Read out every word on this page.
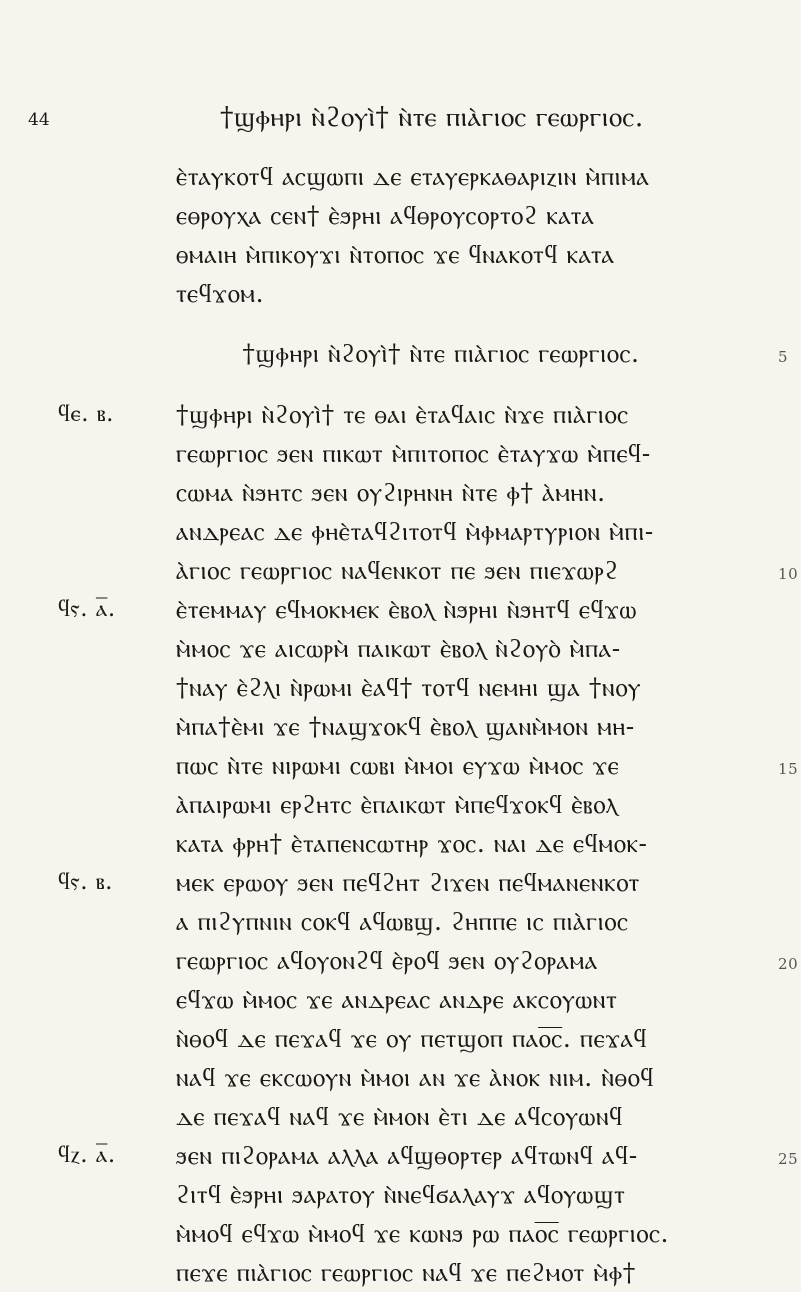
44	†ϣⲫⲏⲣⲓ ⲛ̀ϩⲟⲩⲓ̀† ⲛ̀ⲧⲉ ⲡⲓⲁ̀ⲅⲓⲟⲥ ⲅⲉⲱⲣⲅⲓⲟⲥ.
ⲉ̀ⲧⲁⲩⲕⲟⲧϥ ⲁⲥϣⲱⲡⲓ ⲇⲉ ⲉⲧⲁⲩⲉⲣⲕⲁⲑⲁⲣⲓⲍⲓⲛ ⲙ̀ⲡⲓⲙⲁ
ⲉⲑⲣⲟⲩⲭⲁ ⲥⲉⲛ† ⲉ̀ϧⲣⲏⲓ ⲁϥⲑⲣⲟⲩⲥⲟⲣⲧⲟϩ ⲕⲁⲧⲁ
ⲑⲙⲁⲓⲏ ⲙ̀ⲡⲓⲕⲟⲩϫⲓ ⲛ̀ⲧⲟⲡⲟⲥ ϫⲉ ϥⲛⲁⲕⲟⲧϥ ⲕⲁⲧⲁ
ⲧⲉϥϫⲟⲙ.
†ϣⲫⲏⲣⲓ ⲛ̀ϩⲟⲩⲓ̀† ⲛ̀ⲧⲉ ⲡⲓⲁ̀ⲅⲓⲟⲥ ⲅⲉⲱⲣⲅⲓⲟⲥ.	5
ϥⲉ. ⲃ. †ϣⲫⲏⲣⲓ ⲛ̀ϩⲟⲩⲓ̀† ⲧⲉ ⲑⲁⲓ ⲉ̀ⲧⲁϥⲁⲓⲥ ⲛ̀ϫⲉ ⲡⲓⲁ̀ⲅⲓⲟⲥ
ⲅⲉⲱⲣⲅⲓⲟⲥ ϧⲉⲛ ⲡⲓⲕⲱⲧ ⲙ̀ⲡⲓⲧⲟⲡⲟⲥ ⲉ̀ⲧⲁⲩϫⲱ ⲙ̀ⲡⲉϥ-
ⲥⲱⲙⲁ ⲛ̀ϧⲏⲧⲥ ϧⲉⲛ ⲟⲩϩⲓⲣⲏⲛⲏ ⲛ̀ⲧⲉ ⲫ† ⲁ̀ⲙⲏⲛ.
ⲁⲛⲇⲣⲉⲁⲥ ⲇⲉ ⲫⲏⲉ̀ⲧⲁϥϩⲓⲧⲟⲧϥ ⲙ̀ⲫⲙⲁⲣⲧⲩⲣⲓⲟⲛ ⲙ̀ⲡⲓ-
ⲁ̀ⲅⲓⲟⲥ ⲅⲉⲱⲣⲅⲓⲟⲥ ⲛⲁϥⲉⲛⲕⲟⲧ ⲡⲉ ϧⲉⲛ ⲡⲓⲉϫⲱⲣϩ	10
ϥⲋ. ⲁ̅. ⲉ̀ⲧⲉⲙⲙⲁⲩ ⲉϥⲙⲟⲕⲙⲉⲕ ⲉ̀ⲃⲟⲗ ⲛ̀ϧⲣⲏⲓ ⲛ̀ϧⲏⲧϥ ⲉϥϫⲱ
ⲙ̀ⲙⲟⲥ ϫⲉ ⲁⲓⲥⲱⲣⲙ̀ ⲡⲁⲓⲕⲱⲧ ⲉ̀ⲃⲟⲗ ⲛ̀ϩⲟⲩⲟ̀ ⲙ̀ⲡⲁ-
†ⲛⲁⲩ ⲉ̀ϩⲗⲓ ⲛ̀ⲣⲱⲙⲓ ⲉ̀ⲁϥ† ⲧⲟⲧϥ ⲛⲉⲙⲏⲓ ϣⲁ †ⲛⲟⲩ
ⲙ̀ⲡⲁ†ⲉ̀ⲙⲓ ϫⲉ †ⲛⲁϣϫⲟⲕϥ ⲉ̀ⲃⲟⲗ ϣⲁⲛⲙ̀ⲙⲟⲛ ⲙⲏ-
ⲡⲱⲥ ⲛ̀ⲧⲉ ⲛⲓⲣⲱⲙⲓ ⲥⲱⲃⲓ ⲙ̀ⲙⲟⲓ ⲉⲩϫⲱ ⲙ̀ⲙⲟⲥ ϫⲉ	15
ⲁ̀ⲡⲁⲓⲣⲱⲙⲓ ⲉⲣϩⲏⲧⲥ ⲉ̀ⲡⲁⲓⲕⲱⲧ ⲙ̀ⲡⲉϥϫⲟⲕϥ ⲉ̀ⲃⲟⲗ
ⲕⲁⲧⲁ ⲫⲣⲏ† ⲉ̀ⲧⲁⲡⲉⲛⲥⲱⲧⲏⲣ ϫⲟⲥ. ⲛⲁⲓ ⲇⲉ ⲉϥⲙⲟⲕ-
ϥⲋ. ⲃ.	ⲙⲉⲕ ⲉⲣⲱⲟⲩ ϧⲉⲛ ⲡⲉϥϩⲏⲧ ϩⲓϫⲉⲛ ⲡⲉϥⲙⲁⲛⲉⲛⲕⲟⲧ
ⲁ ⲡⲓϩⲩⲡⲛⲓⲛ ⲥⲟⲕϥ ⲁϥⲱⲃϣ. ϩⲏⲡⲡⲉ ⲓⲥ ⲡⲓⲁ̀ⲅⲓⲟⲥ
ⲅⲉⲱⲣⲅⲓⲟⲥ ⲁϥⲟⲩⲟⲛϩϥ ⲉ̀ⲣⲟϥ ϧⲉⲛ ⲟⲩϩⲟⲣⲁⲙⲁ	20
ⲉϥϫⲱ ⲙ̀ⲙⲟⲥ ϫⲉ ⲁⲛⲇⲣⲉⲁⲥ ⲁⲛⲇⲣⲉ ⲁⲕⲥⲟⲩⲱⲛⲧ
ⲛ̀ⲑⲟϥ ⲇⲉ ⲡⲉϫⲁϥ ϫⲉ ⲟⲩ ⲡⲉⲧϣⲟⲡ ⲡⲁⲟ̅ⲥ̅. ⲡⲉϫⲁϥ
ⲛⲁϥ ϫⲉ ⲉⲕⲥⲱⲟⲩⲛ ⲙ̀ⲙⲟⲓ ⲁⲛ ϫⲉ ⲁ̀ⲛⲟⲕ ⲛⲓⲙ. ⲛ̀ⲑⲟϥ
ⲇⲉ ⲡⲉϫⲁϥ ⲛⲁϥ ϫⲉ ⲙ̀ⲙⲟⲛ ⲉ̀ⲧⲓ ⲇⲉ ⲁϥⲥⲟⲩⲱⲛϥ
ϥⲍ. ⲁ̅. ϧⲉⲛ ⲡⲓϩⲟⲣⲁⲙⲁ ⲁⲗⲗⲁ ⲁϥϣⲑⲟⲣⲧⲉⲣ ⲁϥⲧⲱⲛϥ ⲁϥ-	25
ϩⲓⲧϥ ⲉ̀ϧⲣⲏⲓ ϧⲁⲣⲁⲧⲟⲩ ⲛ̀ⲛⲉϥϭⲁⲗⲁⲩϫ ⲁϥⲟⲩⲱϣⲧ
ⲙ̀ⲙⲟϥ ⲉϥϫⲱ ⲙ̀ⲙⲟϥ ϫⲉ ⲕⲱⲛϧ ⲣⲱ ⲡⲁⲟ̅ⲥ̅ ⲅⲉⲱⲣⲅⲓⲟⲥ.
ⲡⲉϫⲉ ⲡⲓⲁ̀ⲅⲓⲟⲥ ⲅⲉⲱⲣⲅⲓⲟⲥ ⲛⲁϥ ϫⲉ ⲡⲉϩⲙⲟⲧ ⲙ̀ⲫ†
